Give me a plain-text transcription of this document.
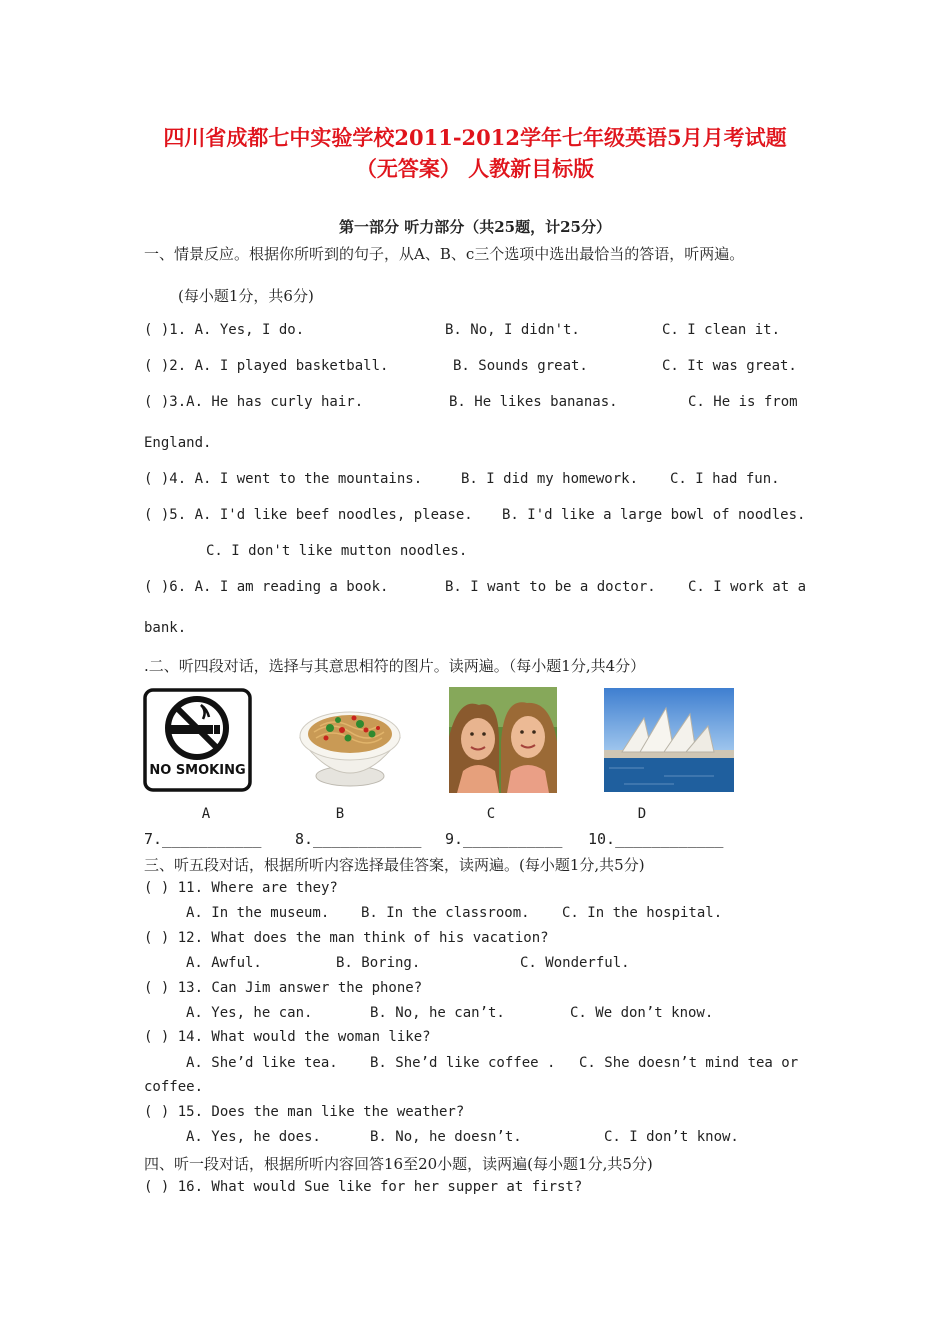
四川省成都七中实验学校2011-2012学年七年级英语5月月考试题
（无答案） 人教新目标版
第一部分 听力部分（共25题，计25分）
一、情景反应。根据你所听到的句子，从A、B、c三个选项中选出最恰当的答语，听两遍。
(每小题1分，共6分)
( )1. A. Yes, I do.	B. No, I didn't.	C. I clean it.
( )2. A. I played basketball.	B. Sounds great.	C. It was great.
( )3.A. He has curly hair.	B. He likes bananas.	C. He is from
England.
( )4. A. I went to the mountains.	B. I did my homework. C. I had fun.
( )5. A. I'd like beef noodles, please. B. I'd like a large bowl of noodles.
C. I don't like mutton noodles.
( )6. A. I am reading a book.	B. I want to be a doctor. C. I work at a
bank.
.二、听四段对话，选择与其意思相符的图片。读两遍。（每小题1分,共4分）
NO SMOKING
A	B	C	D
7.___________ 8.____________ 9.___________ 10.____________
三、听五段对话，根据所听内容选择最佳答案，读两遍。(每小题1分,共5分)
( ) 11. Where are they?
A. In the museum. B. In the classroom. C. In the hospital.
( ) 12. What does the man think of his vacation?
A. Awful.	B. Boring.	C. Wonderful.
( ) 13. Can Jim answer the phone?
A. Yes, he can.	B. No, he can’t.	C. We don’t know.
( ) 14. What would the woman like?
A. She’d like tea. B. She’d like coffee . C. She doesn’t mind tea or
coffee.
( ) 15. Does the man like the weather?
A. Yes, he does.	B. No, he doesn’t.	C. I don’t know.
四、听一段对话，根据所听内容回答16至20小题，读两遍(每小题1分,共5分)
( ) 16. What would Sue like for her supper at first?
